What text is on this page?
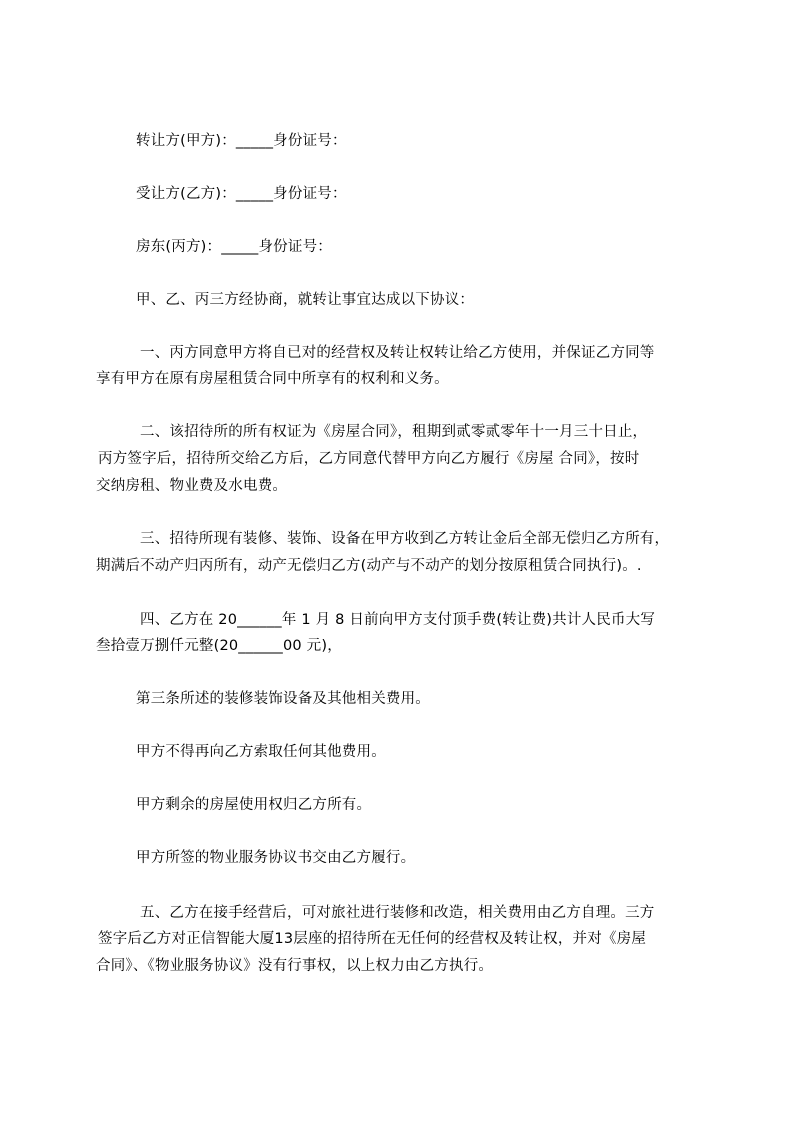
转让方(甲方)：_____身份证号：
受让方(乙方)：_____身份证号：
房东(丙方)：_____身份证号：
甲、乙、丙三方经协商，就转让事宜达成以下协议：
一、丙方同意甲方将自已对的经营权及转让权转让给乙方使用，并保证乙方同等
享有甲方在原有房屋租赁合同中所享有的权利和义务。
二、该招待所的所有权证为《房屋合同》，租期到贰零贰零年十一月三十日止，
丙方签字后，招待所交给乙方后，乙方同意代替甲方向乙方履行《房屋 合同》，按时
交纳房租、物业费及水电费。
三、招待所现有装修、装饰、设备在甲方收到乙方转让金后全部无偿归乙方所有，
期满后不动产归丙所有，动产无偿归乙方(动产与不动产的划分按原租赁合同执行)。.
四、乙方在 20______年 1 月 8 日前向甲方支付顶手费(转让费)共计人民币大写
叁拾壹万捌仟元整(20______00 元)，
第三条所述的装修装饰设备及其他相关费用。
甲方不得再向乙方索取任何其他费用。
甲方剩余的房屋使用权归乙方所有。
甲方所签的物业服务协议书交由乙方履行。
五、乙方在接手经营后，可对旅社进行装修和改造，相关费用由乙方自理。三方
签字后乙方对正信智能大厦13层座的招待所在无任何的经营权及转让权，并对《房屋
合同》、《物业服务协议》没有行事权，以上权力由乙方执行。
